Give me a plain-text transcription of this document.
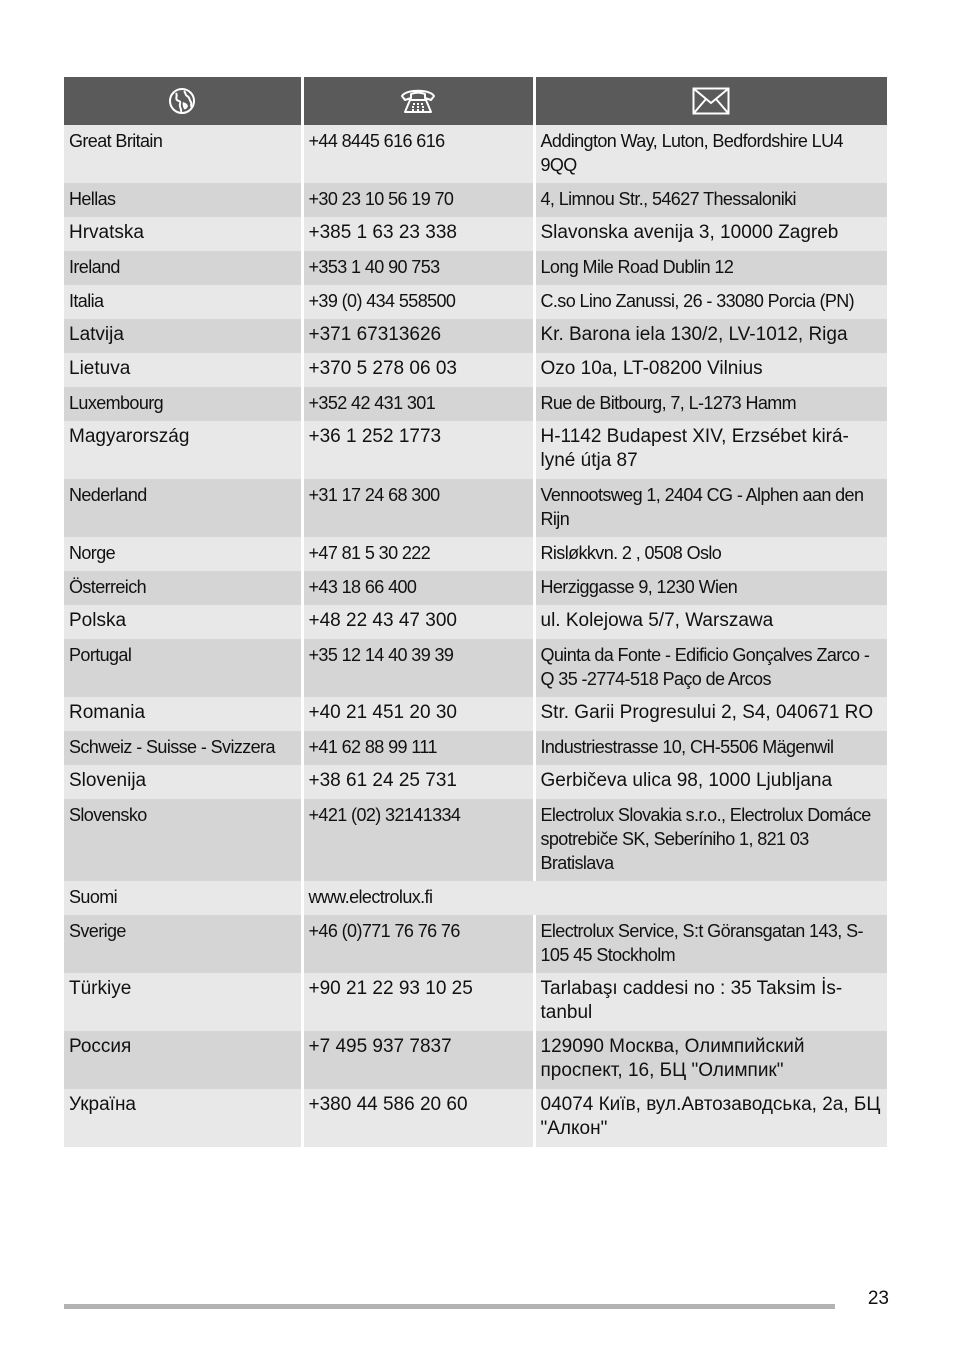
Great Britain	+44 8445 616 616	Addington Way, Luton, Bedfordshire LU4 9QQ
Hellas	+30 23 10 56 19 70	4, Limnou Str., 54627 Thessaloniki
Hrvatska	+385 1 63 23 338	Slavonska avenija 3, 10000 Zagreb
Ireland	+353 1 40 90 753	Long Mile Road Dublin 12
Italia	+39 (0) 434 558500	C.so Lino Zanussi, 26 - 33080 Porcia (PN)
Latvija	+371 67313626	Kr. Barona iela 130/2, LV-1012, Riga
Lietuva	+370 5 278 06 03	Ozo 10a, LT-08200 Vilnius
Luxembourg	+352 42 431 301	Rue de Bitbourg, 7, L-1273 Hamm
Magyarország	+36 1 252 1773	H-1142 Budapest XIV, Erzsébet kirá-lyné útja 87
Nederland	+31 17 24 68 300	Vennootsweg 1, 2404 CG - Alphen aan den Rijn
Norge	+47 81 5 30 222	Risløkkvn. 2 , 0508 Oslo
Österreich	+43 18 66 400	Herziggasse 9, 1230 Wien
Polska	+48 22 43 47 300	ul. Kolejowa 5/7, Warszawa
Portugal	+35 12 14 40 39 39	Quinta da Fonte - Edificio Gonçalves Zarco - Q 35 -2774-518 Paço de Arcos
Romania	+40 21 451 20 30	Str. Garii Progresului 2, S4, 040671 RO
Schweiz - Suisse - Svizzera	+41 62 88 99 111	Industriestrasse 10, CH-5506 Mägenwil
Slovenija	+38 61 24 25 731	Gerbičeva ulica 98, 1000 Ljubljana
Slovensko	+421 (02) 32141334	Electrolux Slovakia s.r.o., Electrolux Domáce spotrebiče SK, Seberíniho 1, 821 03 Bratislava
Suomi	www.electrolux.fi	
Sverige	+46 (0)771 76 76 76	Electrolux Service, S:t Göransgatan 143, S-105 45 Stockholm
Türkiye	+90 21 22 93 10 25	Tarlabaşı caddesi no : 35 Taksim İs-tanbul
Россия	+7 495 937 7837	129090 Москва, Олимпийский проспект, 16, БЦ "Олимпик"
Україна	+380 44 586 20 60	04074 Київ, вул.Автозаводська, 2a, БЦ "Алкон"
23
